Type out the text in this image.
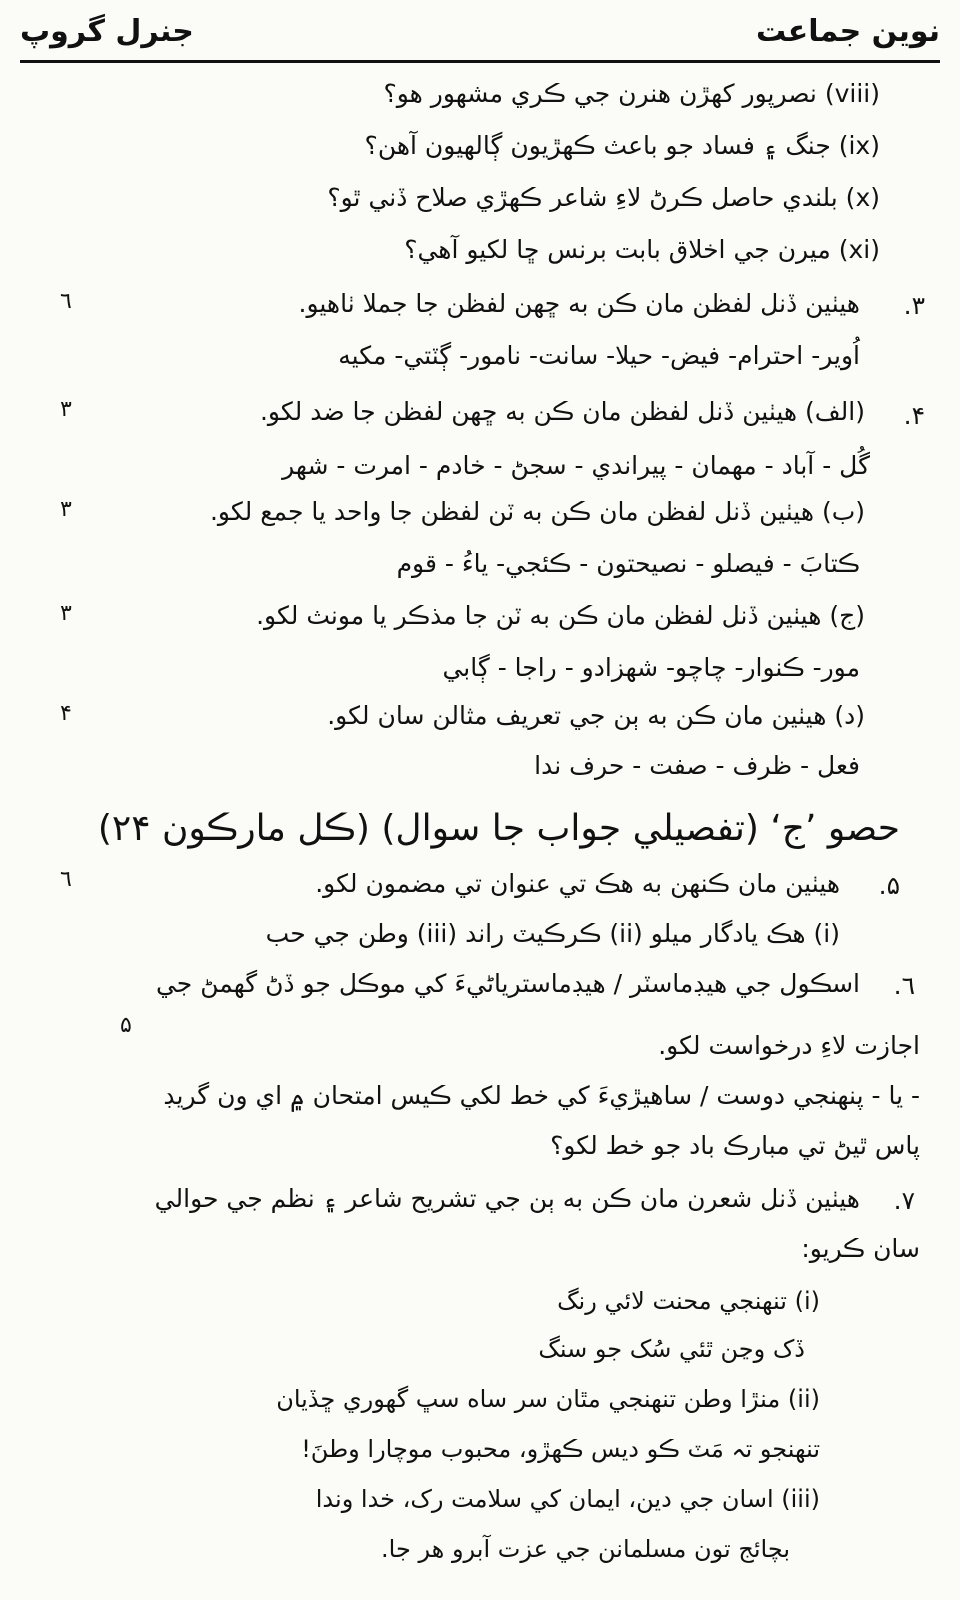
نوين جماعت
جنرل گروپ
(viii) نصرپور کھڙن هنرن جي ڪري مشهور هو؟
(ix) جنگ ۽ فساد جو باعث ڪھڙيون ڳالهيون آهن؟
(x) بلندي حاصل ڪرڻ لاءِ شاعر ڪھڙي صلاح ڏني ٿو؟
(xi) ميرن جي اخلاق بابت برنس ڇا لکيو آهي؟
۳.
هيٺين ڏنل لفظن مان ڪن به ڇهن لفظن جا جملا ٺاهيو.
٦
اُوير- احترام- فيض- حيلا- سانت- نامور- ڳٽتي- مکيه
۴.
(الف) هيٺين ڏنل لفظن مان ڪن به ڇهن لفظن جا ضد لکو.
۳
گُل - آباد - مهمان - پيراندي - سجڻ - خادم - امرت - شهر
(ب) هيٺين ڏنل لفظن مان ڪن به ٽن لفظن جا واحد يا جمع لکو.
۳
ڪتابَ - فيصلو - نصيحتون - ڪئجي- ياءُ - قوم
(ج) هيٺين ڏنل لفظن مان ڪن به ٽن جا مذڪر يا مونث لکو.
۳
مور- ڪنوار- چاچو- شهزادو - راجا - ڳابي
(د) هيٺين مان ڪن به ٻن جي تعريف مثالن سان لکو.
۴
فعل - ظرف - صفت - حرف ندا
حصو ’ج‘ (تفصيلي جواب جا سوال) (ڪل مارڪون ۲۴)
۵.
هيٺين مان ڪنهن به هڪ تي عنوان تي مضمون لکو.
٦
(i) هڪ يادگار ميلو (ii) ڪرڪيٽ راند (iii) وطن جي حب
٦.
اسڪول جي هيڊماسٽر / هيڊماسترياڻيءَ کي موڪل جو ڏڻ گهمڻ جي
۵
اجازت لاءِ درخواست لکو.
- يا - پنهنجي دوست / ساهيڙيءَ کي خط لکي ڪيس امتحان ۾ اي ون گريڊ
پاس ٿيڻ تي مبارڪ باد جو خط لکو؟
۷.
هيٺين ڏنل شعرن مان ڪن به ٻن جي تشريح شاعر ۽ نظم جي حوالي
سان ڪريو:
(i) تنهنجي محنت لائي رنگ
ڏک وڃن ٿئي سُک جو سنگ
(ii) منڙا وطن تنهنجي مٿان سر ساه سڀ گهوري ڇڏيان
تنهنجو تہ مَٽ ڪو ديس ڪهڙو، محبوب موچارا وطنَ!
(iii) اسان جي دين، ايمان کي سلامت رک، خدا وندا
بچائج تون مسلمانن جي عزت آبرو هر جا.
